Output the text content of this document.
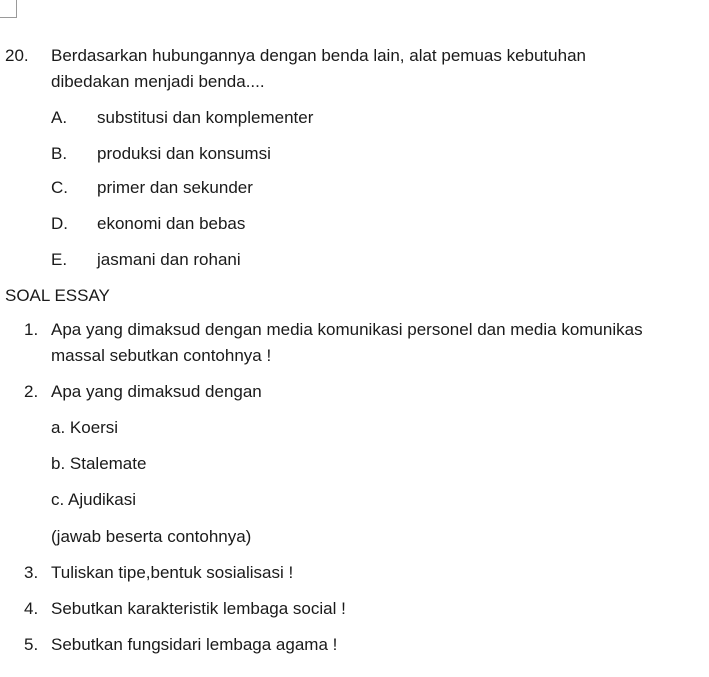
20. Berdasarkan hubungannya dengan benda lain, alat pemuas kebutuhan
dibedakan menjadi benda....
A. substitusi dan komplementer
B. produksi dan konsumsi
C. primer dan sekunder
D. ekonomi dan bebas
E. jasmani dan rohani
SOAL ESSAY
1. Apa yang dimaksud dengan media komunikasi personel dan media komunikas
massal sebutkan contohnya !
2. Apa yang dimaksud dengan
a. Koersi
b. Stalemate
c. Ajudikasi
(jawab beserta contohnya)
3. Tuliskan tipe,bentuk sosialisasi !
4. Sebutkan karakteristik lembaga social !
5. Sebutkan fungsidari lembaga agama !
